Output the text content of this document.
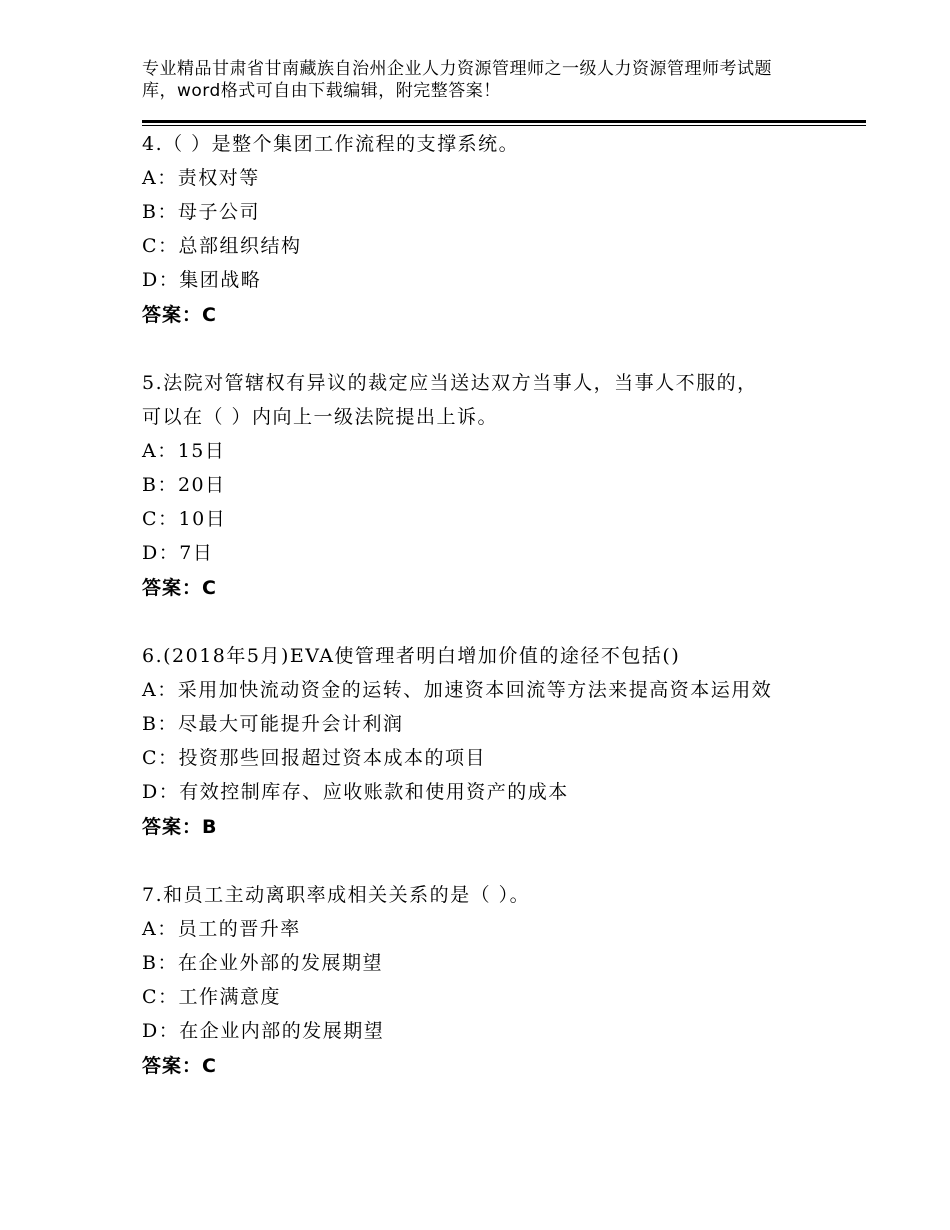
专业精品甘肃省甘南藏族自治州企业人力资源管理师之一级人力资源管理师考试题
库，word格式可自由下载编辑，附完整答案！
4.（ ）是整个集团工作流程的支撑系统。
A：责权对等
B：母子公司
C：总部组织结构
D：集团战略
答案：C
5.法院对管辖权有异议的裁定应当送达双方当事人，当事人不服的，
可以在（ ）内向上一级法院提出上诉。
A：15日
B：20日
C：10日
D：7日
答案：C
6.(2018年5月)EVA使管理者明白增加价值的途径不包括()
A：采用加快流动资金的运转、加速资本回流等方法来提高资本运用效
B：尽最大可能提升会计利润
C：投资那些回报超过资本成本的项目
D：有效控制库存、应收账款和使用资产的成本
答案：B
7.和员工主动离职率成相关关系的是（ ）。
A：员工的晋升率
B：在企业外部的发展期望
C：工作满意度
D：在企业内部的发展期望
答案：C
